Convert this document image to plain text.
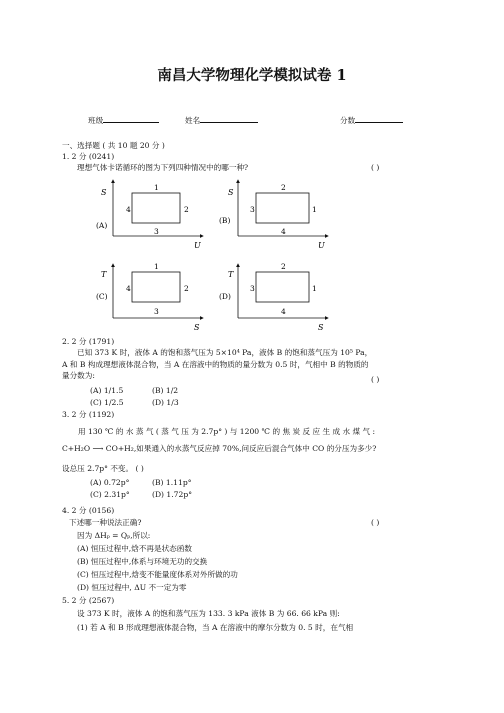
南昌大学物理化学模拟试卷 1
班级	姓名	分数
一、选择题 ( 共 10 题 20 分 )
1. 2 分 (0241)
理想气体卡诺循环的图为下列四种情况中的哪一种?	( )
S
U
(A)
1
4	2
3
S
U
(B)
2
3	1
4
T
S
(C)
1
4	2
3
T
S
(D)
2
3	1
4
2. 2 分 (1791)
已知 373 K 时，液体 A 的饱和蒸气压为 5×10⁴ Pa，液体 B 的饱和蒸气压为 10⁵ Pa，
A 和 B 构成理想液体混合物，当 A 在溶液中的物质的量分数为 0.5 时，气相中 B 的物质的
量分数为:	( )
(A) 1/1.5	(B) 1/2
(C) 1/2.5	(D) 1/3
3. 2 分 (1192)
用 130 ℃ 的 水 蒸 气 ( 蒸 气 压 为 2.7p° ) 与 1200 ℃ 的 焦 炭 反 应 生 成 水 煤 气 :
C+H₂O ⟶ CO+H₂,如果通入的水蒸气反应掉 70%,问反应后混合气体中 CO 的分压为多少?
设总压 2.7p° 不变。 ( )
(A) 0.72p°	(B) 1.11p°
(C) 2.31p°	(D) 1.72p°
4. 2 分 (0156)
下述哪一种说法正确?	( )
因为 ΔHₚ = Qₚ,所以:
(A) 恒压过程中,焓不再是状态函数
(B) 恒压过程中,体系与环境无功的交换
(C) 恒压过程中,焓变不能量度体系对外所做的功
(D) 恒压过程中, ΔU 不一定为零
5. 2 分 (2567)
设 373 K 时，液体 A 的饱和蒸气压为 133. 3 kPa 液体 B 为 66. 66 kPa 则:
(1) 若 A 和 B 形成理想液体混合物，当 A 在溶液中的摩尔分数为 0. 5 时，在气相
